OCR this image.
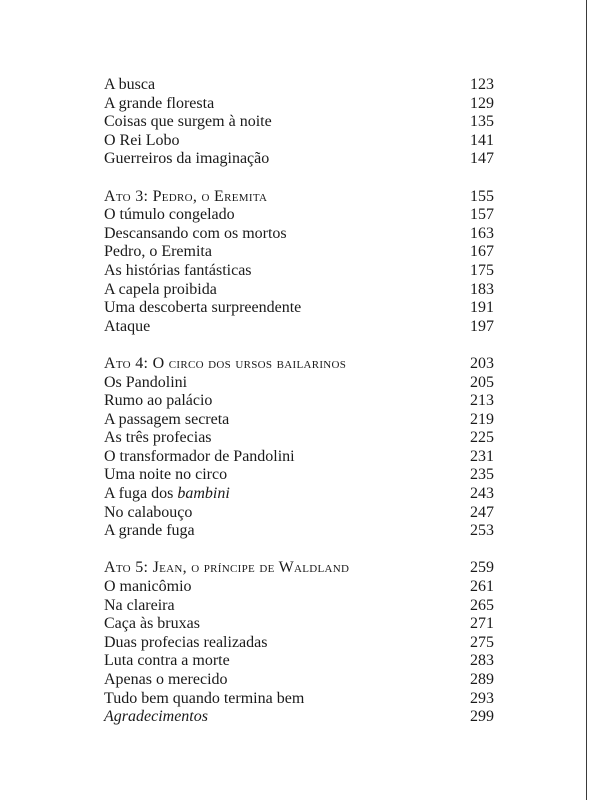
A busca	123
A grande floresta	129
Coisas que surgem à noite	135
O Rei Lobo	141
Guerreiros da imaginação	147
Ato 3: Pedro, o Eremita	155
O túmulo congelado	157
Descansando com os mortos	163
Pedro, o Eremita	167
As histórias fantásticas	175
A capela proibida	183
Uma descoberta surpreendente	191
Ataque	197
Ato 4: O circo dos ursos bailarinos	203
Os Pandolini	205
Rumo ao palácio	213
A passagem secreta	219
As três profecias	225
O transformador de Pandolini	231
Uma noite no circo	235
A fuga dos bambini	243
No calabouço	247
A grande fuga	253
Ato 5: Jean, o príncipe de Waldland	259
O manicômio	261
Na clareira	265
Caça às bruxas	271
Duas profecias realizadas	275
Luta contra a morte	283
Apenas o merecido	289
Tudo bem quando termina bem	293
Agradecimentos	299
